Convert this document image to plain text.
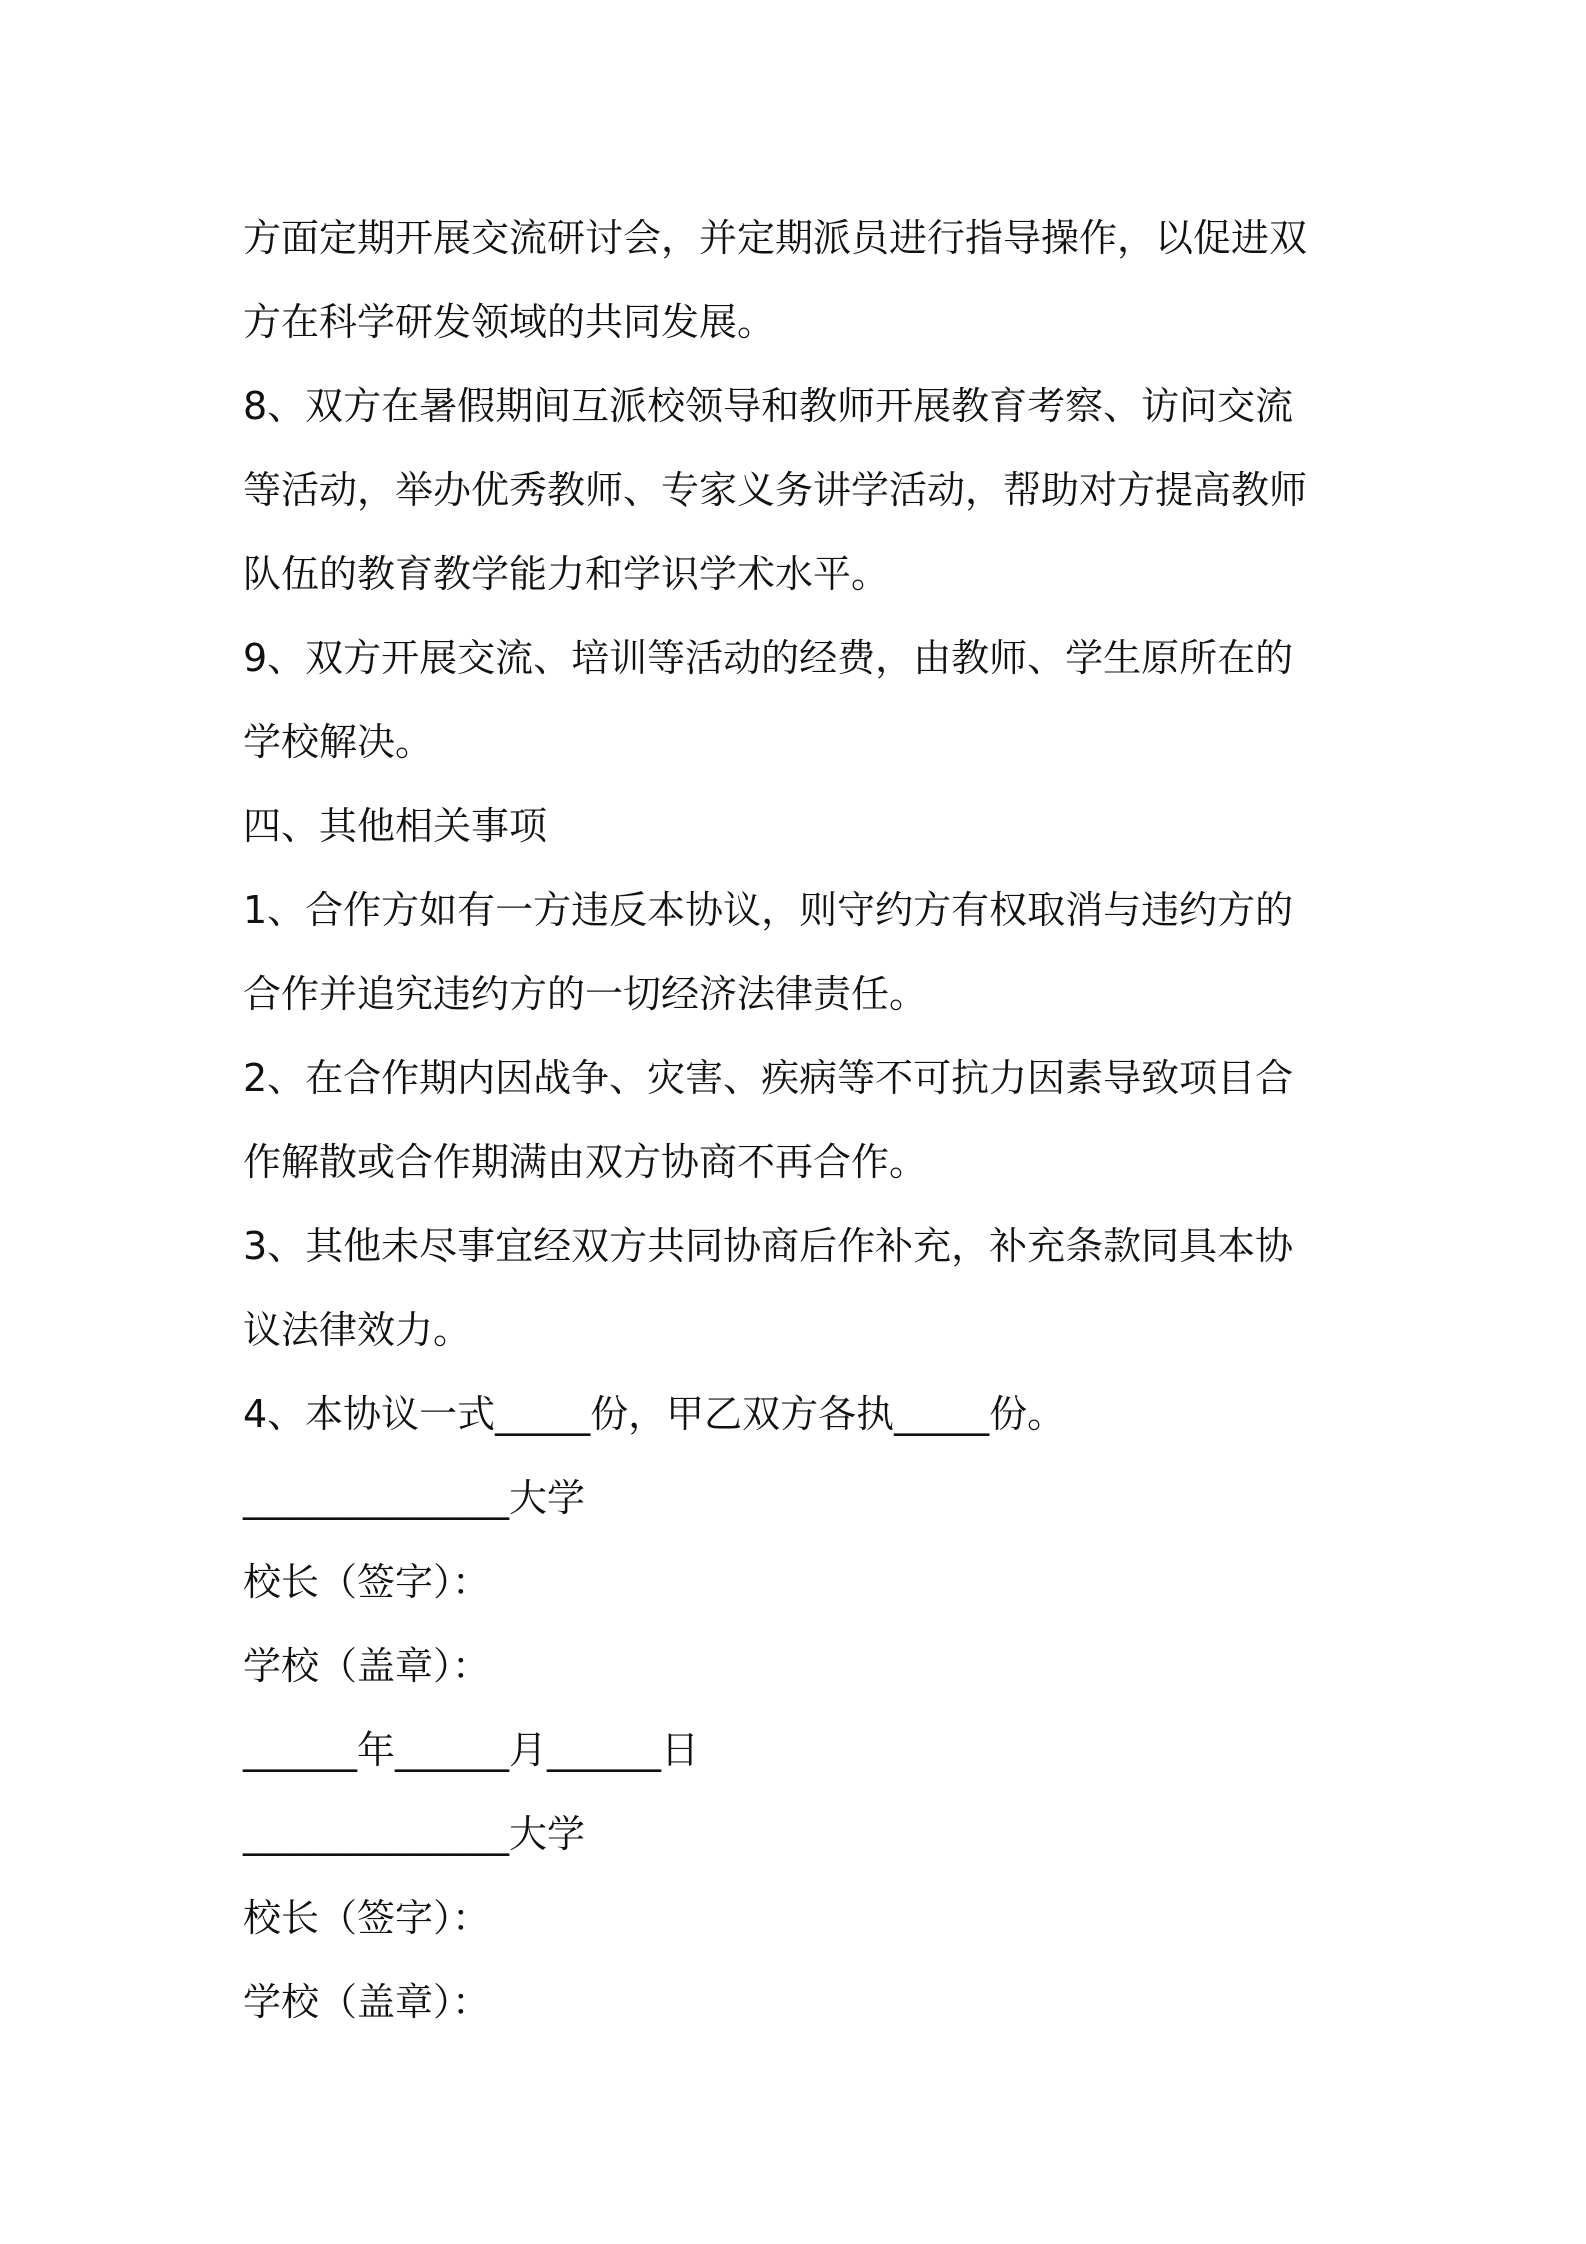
方面定期开展交流研讨会，并定期派员进行指导操作，以促进双
方在科学研发领域的共同发展。
8、双方在暑假期间互派校领导和教师开展教育考察、访问交流
等活动，举办优秀教师、专家义务讲学活动，帮助对方提高教师
队伍的教育教学能力和学识学术水平。
9、双方开展交流、培训等活动的经费，由教师、学生原所在的
学校解决。
四、其他相关事项
1、合作方如有一方违反本协议，则守约方有权取消与违约方的
合作并追究违约方的一切经济法律责任。
2、在合作期内因战争、灾害、疾病等不可抗力因素导致项目合
作解散或合作期满由双方协商不再合作。
3、其他未尽事宜经双方共同协商后作补充，补充条款同具本协
议法律效力。
4、本协议一式_____份，甲乙双方各执_____份。
______________大学
校长（签字）：
学校（盖章）：
______年______月______日
______________大学
校长（签字）：
学校（盖章）：
